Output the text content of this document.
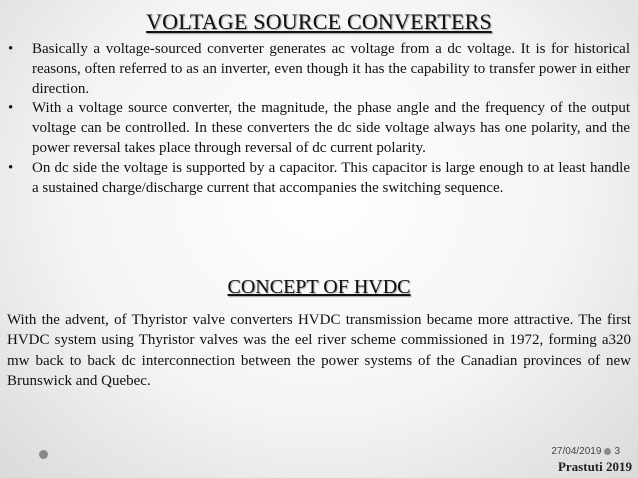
VOLTAGE SOURCE CONVERTERS
• Basically a voltage-sourced converter generates ac voltage from a dc voltage. It is for historical reasons, often referred to as an inverter, even though it has the capability to transfer power in either direction.
• With a voltage source converter, the magnitude, the phase angle and the frequency of the output voltage can be controlled. In these converters the dc side voltage always has one polarity, and the power reversal takes place through reversal of dc current polarity.
• On dc side the voltage is supported by a capacitor. This capacitor is large enough to at least handle a sustained charge/discharge current that accompanies the switching sequence.
CONCEPT OF HVDC

With the advent, of Thyristor valve converters HVDC transmission became more attractive. The first HVDC system using Thyristor valves was the eel river scheme commissioned in 1972, forming a320 mw back to back dc interconnection between the power systems of the Canadian provinces of new Brunswick and Quebec.

27/04/2019 3
Prastuti 2019
